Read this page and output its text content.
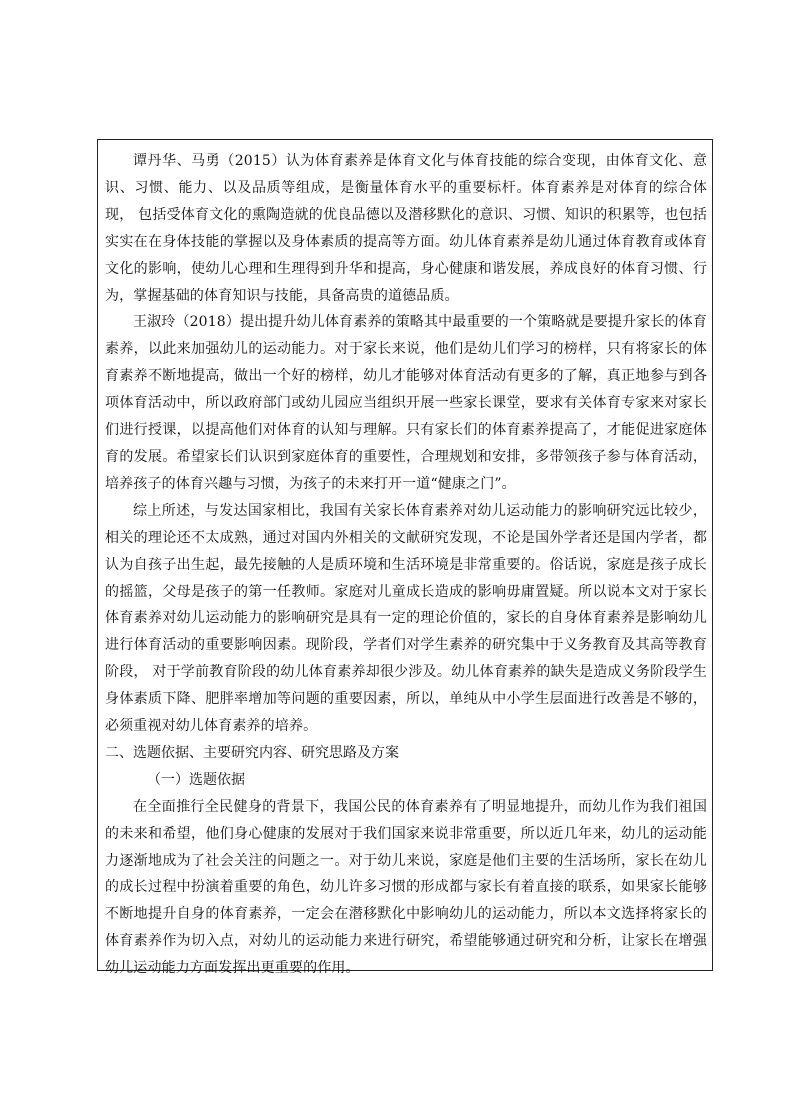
谭丹华、马勇（2015）认为体育素养是体育文化与体育技能的综合变现，由体育文化、意识、习惯、能力、以及品质等组成，是衡量体育水平的重要标杆。体育素养是对体育的综合体现， 包括受体育文化的熏陶造就的优良品德以及潜移默化的意识、习惯、知识的积累等，也包括实实在在身体技能的掌握以及身体素质的提高等方面。幼儿体育素养是幼儿通过体育教育或体育文化的影响，使幼儿心理和生理得到升华和提高，身心健康和谐发展，养成良好的体育习惯、行为，掌握基础的体育知识与技能，具备高贵的道德品质。

王淑玲（2018）提出提升幼儿体育素养的策略其中最重要的一个策略就是要提升家长的体育素养，以此来加强幼儿的运动能力。对于家长来说，他们是幼儿们学习的榜样，只有将家长的体育素养不断地提高，做出一个好的榜样，幼儿才能够对体育活动有更多的了解，真正地参与到各项体育活动中，所以政府部门或幼儿园应当组织开展一些家长课堂，要求有关体育专家来对家长们进行授课，以提高他们对体育的认知与理解。只有家长们的体育素养提高了，才能促进家庭体育的发展。希望家长们认识到家庭体育的重要性，合理规划和安排，多带领孩子参与体育活动，培养孩子的体育兴趣与习惯，为孩子的未来打开一道“健康之门”。

综上所述，与发达国家相比，我国有关家长体育素养对幼儿运动能力的影响研究远比较少，相关的理论还不太成熟，通过对国内外相关的文献研究发现，不论是国外学者还是国内学者，都认为自孩子出生起，最先接触的人是质环境和生活环境是非常重要的。俗话说，家庭是孩子成长的摇篮，父母是孩子的第一任教师。家庭对儿童成长造成的影响毋庸置疑。所以说本文对于家长体育素养对幼儿运动能力的影响研究是具有一定的理论价值的，家长的自身体育素养是影响幼儿进行体育活动的重要影响因素。现阶段，学者们对学生素养的研究集中于义务教育及其高等教育阶段， 对于学前教育阶段的幼儿体育素养却很少涉及。幼儿体育素养的缺失是造成义务阶段学生身体素质下降、肥胖率增加等问题的重要因素，所以，单纯从中小学生层面进行改善是不够的，必须重视对幼儿体育素养的培养。

二、选题依据、主要研究内容、研究思路及方案

（一）选题依据

在全面推行全民健身的背景下，我国公民的体育素养有了明显地提升，而幼儿作为我们祖国的未来和希望，他们身心健康的发展对于我们国家来说非常重要，所以近几年来，幼儿的运动能力逐渐地成为了社会关注的问题之一。对于幼儿来说，家庭是他们主要的生活场所，家长在幼儿的成长过程中扮演着重要的角色，幼儿许多习惯的形成都与家长有着直接的联系，如果家长能够不断地提升自身的体育素养，一定会在潜移默化中影响幼儿的运动能力，所以本文选择将家长的体育素养作为切入点，对幼儿的运动能力来进行研究，希望能够通过研究和分析，让家长在增强幼儿运动能力方面发挥出更重要的作用。
